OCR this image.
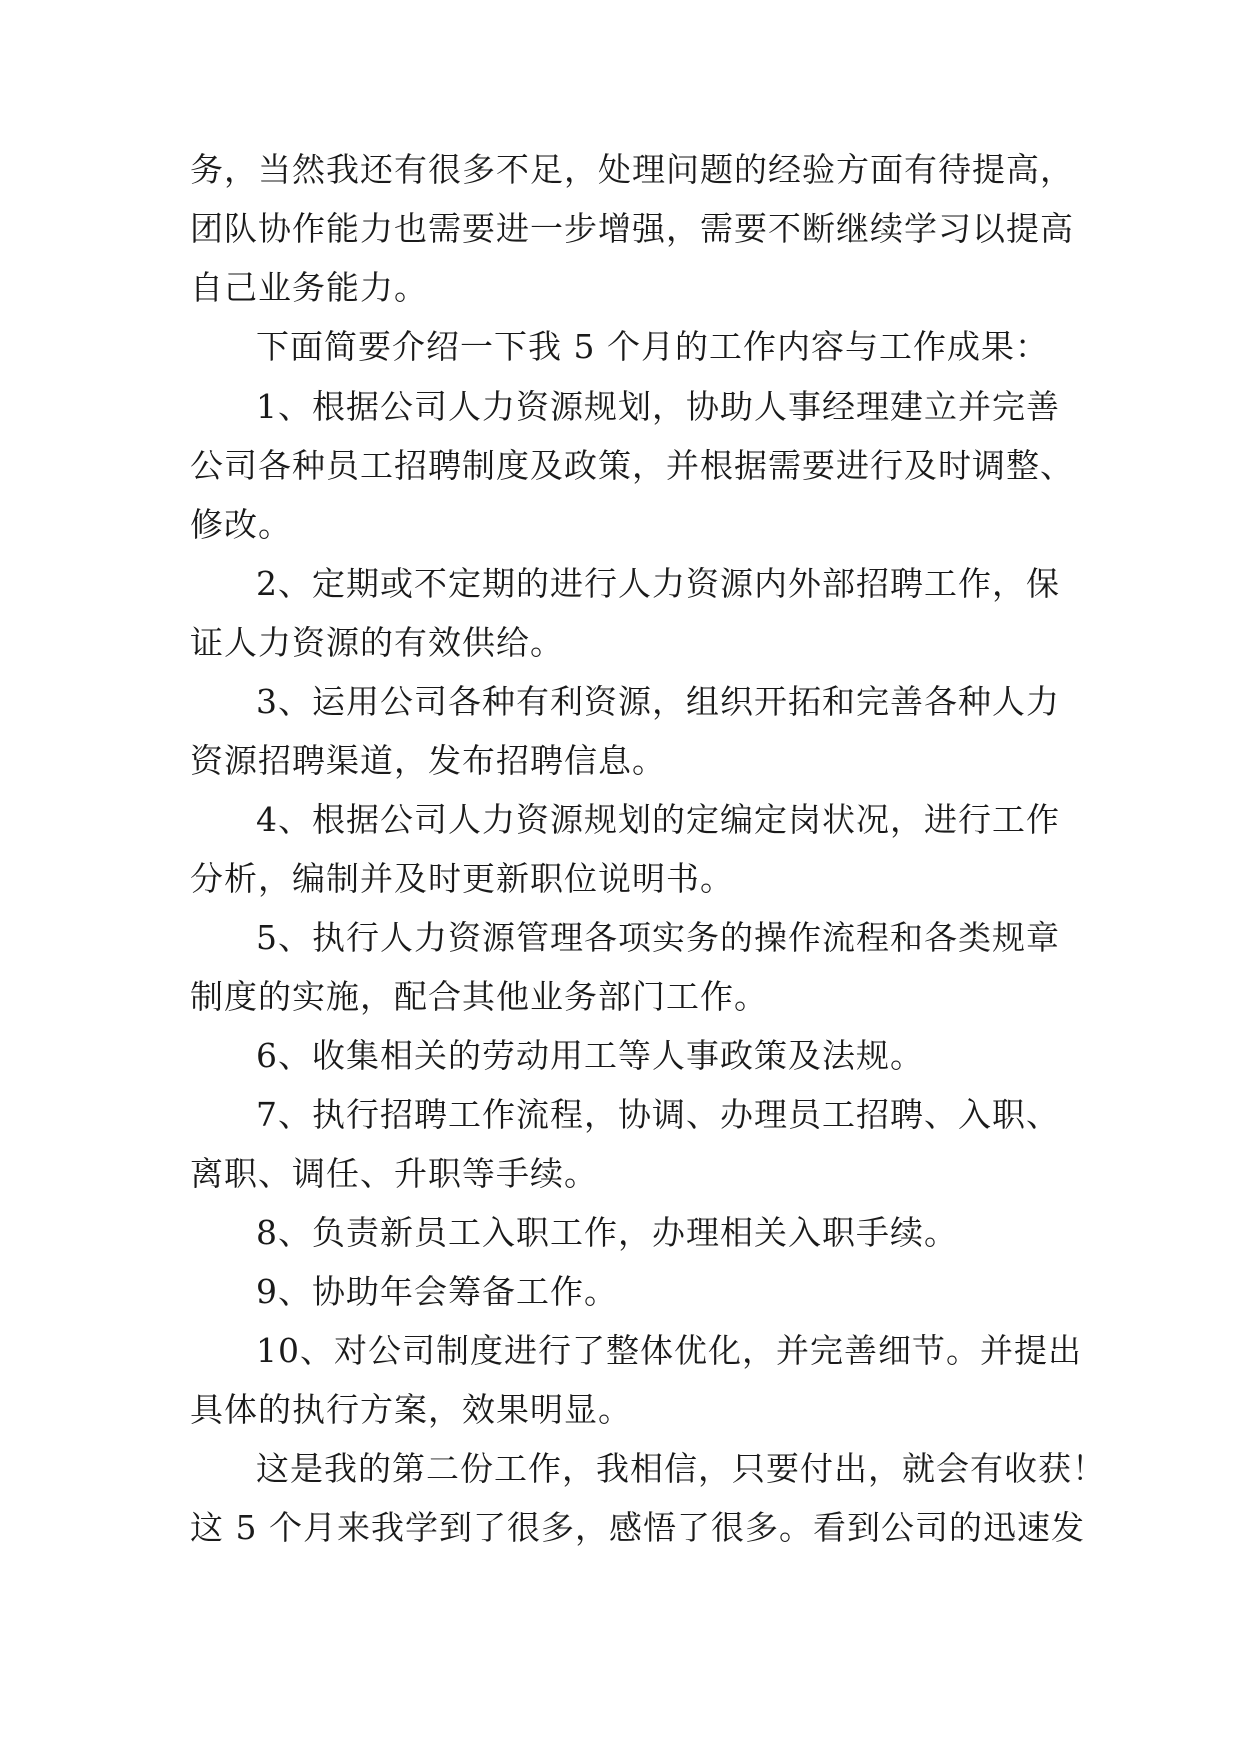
务，当然我还有很多不足，处理问题的经验方面有待提高，
团队协作能力也需要进一步增强，需要不断继续学习以提高
自己业务能力。
下面简要介绍一下我 5 个月的工作内容与工作成果：
1、根据公司人力资源规划，协助人事经理建立并完善
公司各种员工招聘制度及政策，并根据需要进行及时调整、
修改。
2、定期或不定期的进行人力资源内外部招聘工作，保
证人力资源的有效供给。
3、运用公司各种有利资源，组织开拓和完善各种人力
资源招聘渠道，发布招聘信息。
4、根据公司人力资源规划的定编定岗状况，进行工作
分析，编制并及时更新职位说明书。
5、执行人力资源管理各项实务的操作流程和各类规章
制度的实施，配合其他业务部门工作。
6、收集相关的劳动用工等人事政策及法规。
7、执行招聘工作流程，协调、办理员工招聘、入职、
离职、调任、升职等手续。
8、负责新员工入职工作，办理相关入职手续。
9、协助年会筹备工作。
10、对公司制度进行了整体优化，并完善细节。并提出
具体的执行方案，效果明显。
这是我的第二份工作，我相信，只要付出，就会有收获！
这 5 个月来我学到了很多，感悟了很多。看到公司的迅速发
